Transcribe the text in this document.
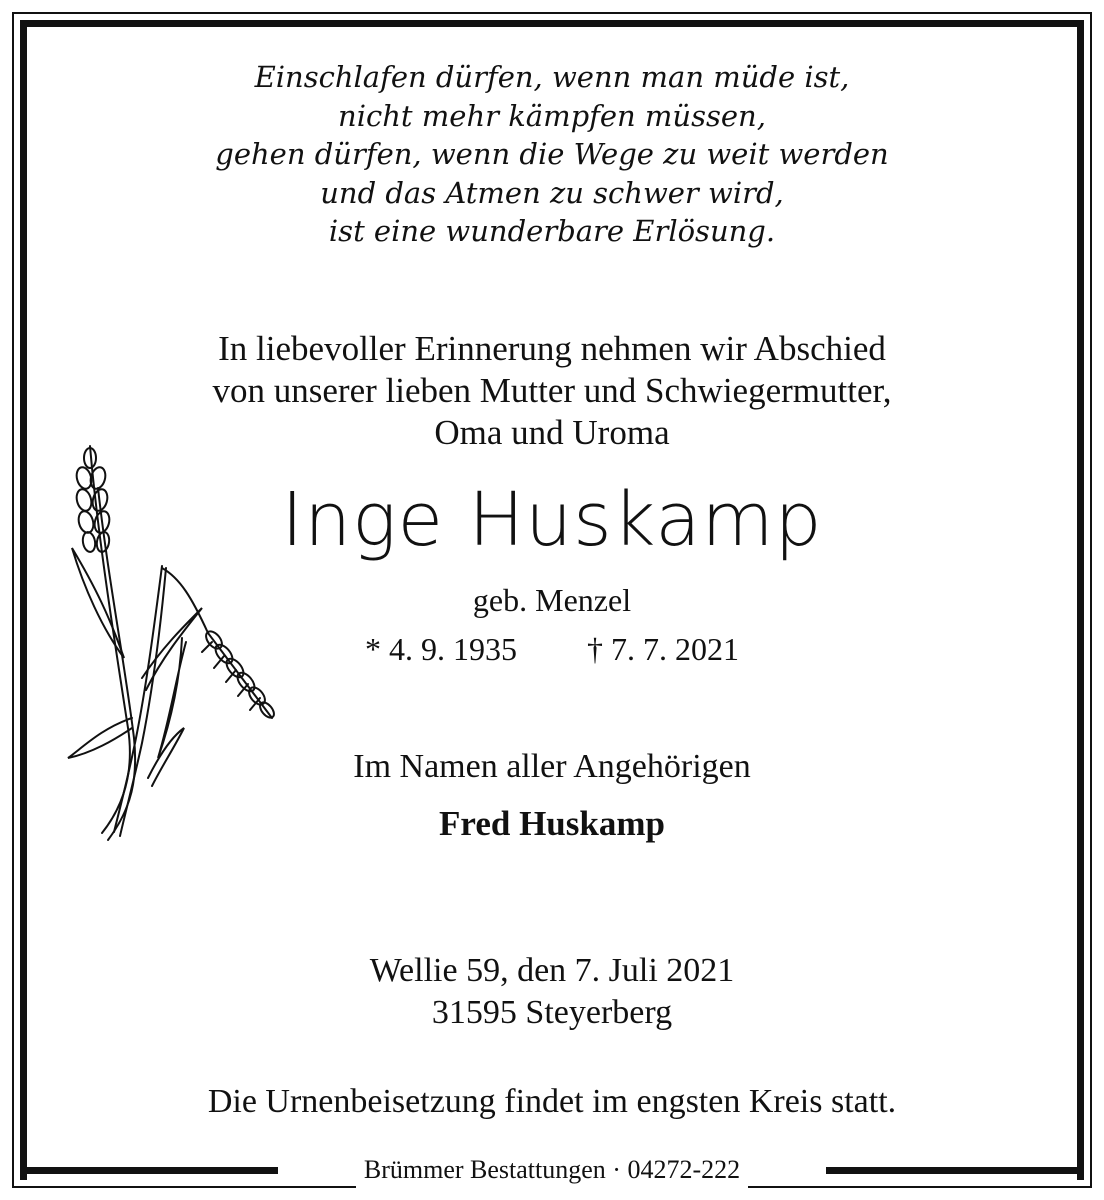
Einschlafen dürfen, wenn man müde ist,
nicht mehr kämpfen müssen,
gehen dürfen, wenn die Wege zu weit werden
und das Atmen zu schwer wird,
ist eine wunderbare Erlösung.
In liebevoller Erinnerung nehmen wir Abschied
von unserer lieben Mutter und Schwiegermutter,
Oma und Uroma
Inge Huskamp
geb. Menzel
* 4. 9. 1935 † 7. 7. 2021
Im Namen aller Angehörigen
Fred Huskamp
Wellie 59, den 7. Juli 2021
31595 Steyerberg
Die Urnenbeisetzung findet im engsten Kreis statt.
Brümmer Bestattungen · 04272-222
